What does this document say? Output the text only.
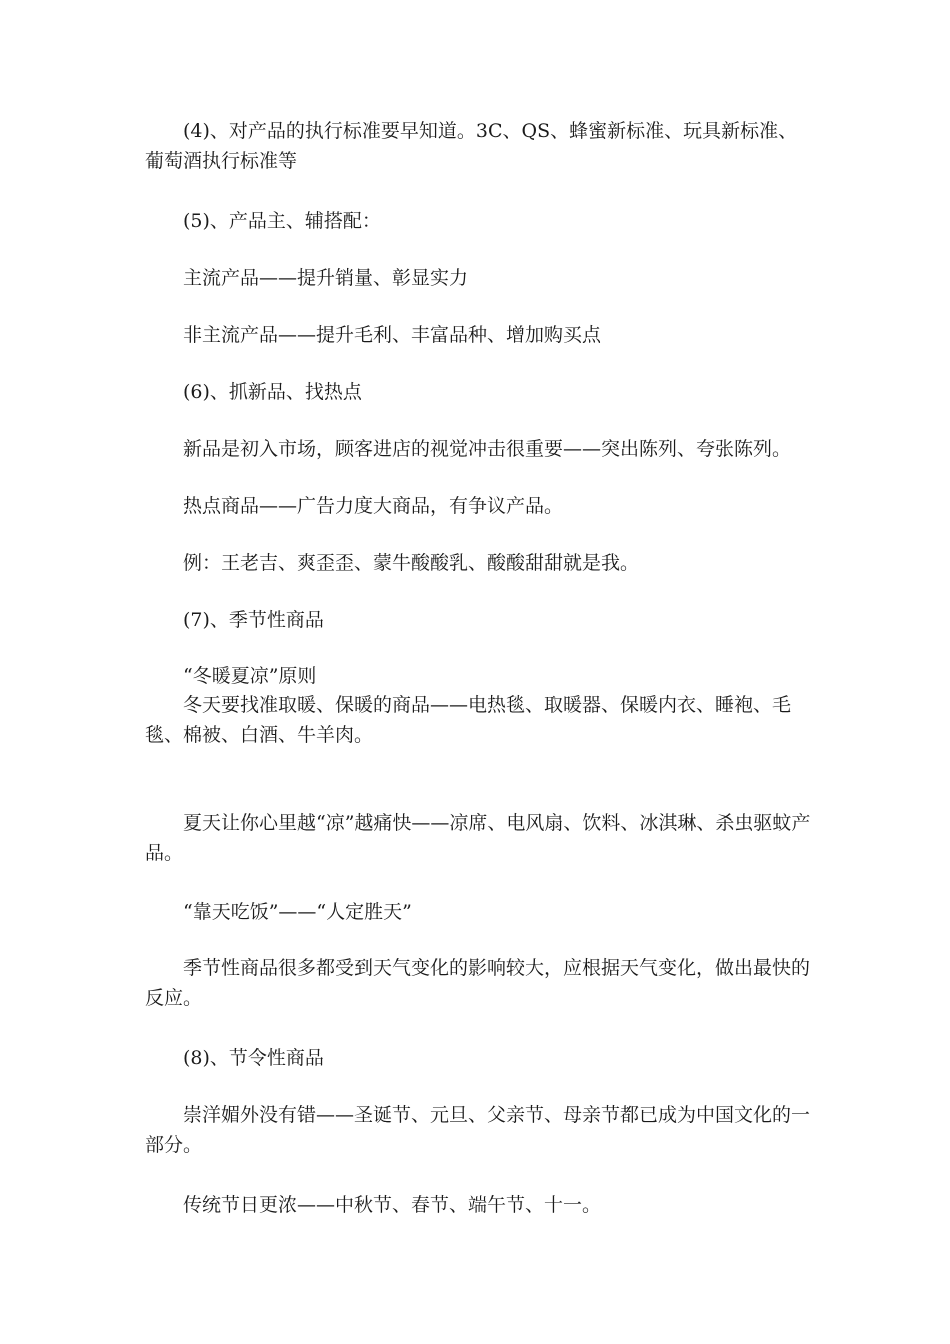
(4)、对产品的执行标准要早知道。3C、QS、蜂蜜新标准、玩具新标准、葡萄酒执行标准等

(5)、产品主、辅搭配：

主流产品——提升销量、彰显实力

非主流产品——提升毛利、丰富品种、增加购买点

(6)、抓新品、找热点

新品是初入市场，顾客进店的视觉冲击很重要——突出陈列、夸张陈列。

热点商品——广告力度大商品，有争议产品。

例：王老吉、爽歪歪、蒙牛酸酸乳、酸酸甜甜就是我。

(7)、季节性商品

“冬暖夏凉”原则

冬天要找准取暖、保暖的商品——电热毯、取暖器、保暖内衣、睡袍、毛毯、棉被、白酒、牛羊肉。

夏天让你心里越“凉”越痛快——凉席、电风扇、饮料、冰淇琳、杀虫驱蚊产品。

“靠天吃饭”——“人定胜天”

季节性商品很多都受到天气变化的影响较大，应根据天气变化，做出最快的反应。

(8)、节令性商品

崇洋媚外没有错——圣诞节、元旦、父亲节、母亲节都已成为中国文化的一部分。

传统节日更浓——中秋节、春节、端午节、十一。
